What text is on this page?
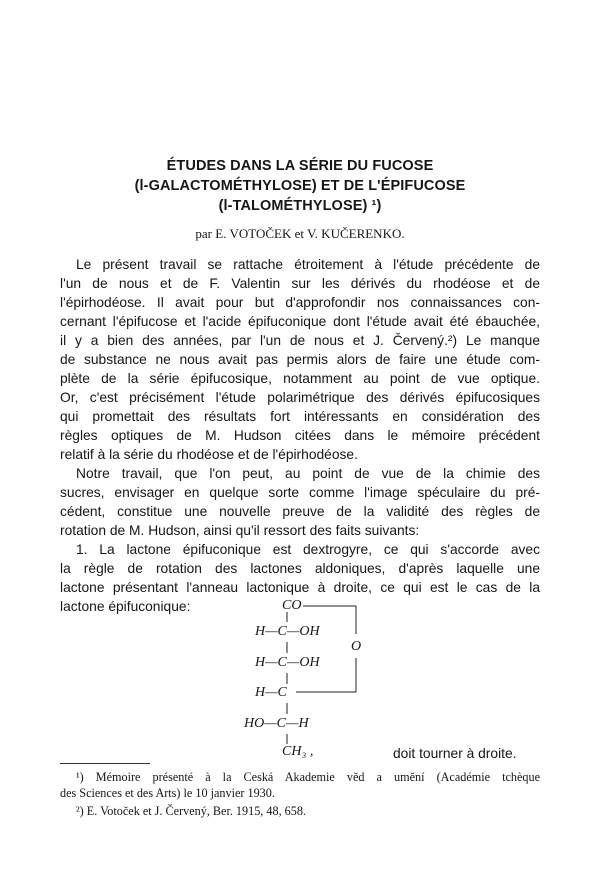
ÉTUDES DANS LA SÉRIE DU FUCOSE
(l-GALACTOMÉTHYLOSE) ET DE L'ÉPIFUCOSE
(l-TALOMÉTHYLOSE) ¹)
par E. VOTOČEK et V. KUČERENKO.
Le présent travail se rattache étroitement à l'étude précédente de
l'un de nous et de F. Valentin sur les dérivés du rhodéose et de
l'épirhodéose. Il avait pour but d'approfondir nos connaissances con-
cernant l'épifucose et l'acide épifuconique dont l'étude avait été ébauchée,
il y a bien des années, par l'un de nous et J. Červený.²) Le manque
de substance ne nous avait pas permis alors de faire une étude com-
plète de la série épifucosique, notamment au point de vue optique.
Or, c'est précisément l'étude polarimétrique des dérivés épifucosiques
qui promettait des résultats fort intéressants en considération des
règles optiques de M. Hudson citées dans le mémoire précédent
relatif à la série du rhodéose et de l'épirhodéose.
Notre travail, que l'on peut, au point de vue de la chimie des
sucres, envisager en quelque sorte comme l'image spéculaire du pré-
cédent, constitue une nouvelle preuve de la validité des règles de
rotation de M. Hudson, ainsi qu'il ressort des faits suivants:
1. La lactone épifuconique est dextrogyre, ce qui s'accorde avec
la règle de rotation des lactones aldoniques, d'après laquelle une
lactone présentant l'anneau lactonique à droite, ce qui est le cas de la
lactone épifuconique:	CO
H—C—OH
H—C—OH
H—C
HO—C—H
CH₃ ,
O
doit tourner à droite.
¹) Mémoire présenté à la Ceská Akademie věd a umění (Académie tchèque
des Sciences et des Arts) le 10 janvier 1930.
²) E. Votoček et J. Červený, Ber. 1915, 48, 658.
